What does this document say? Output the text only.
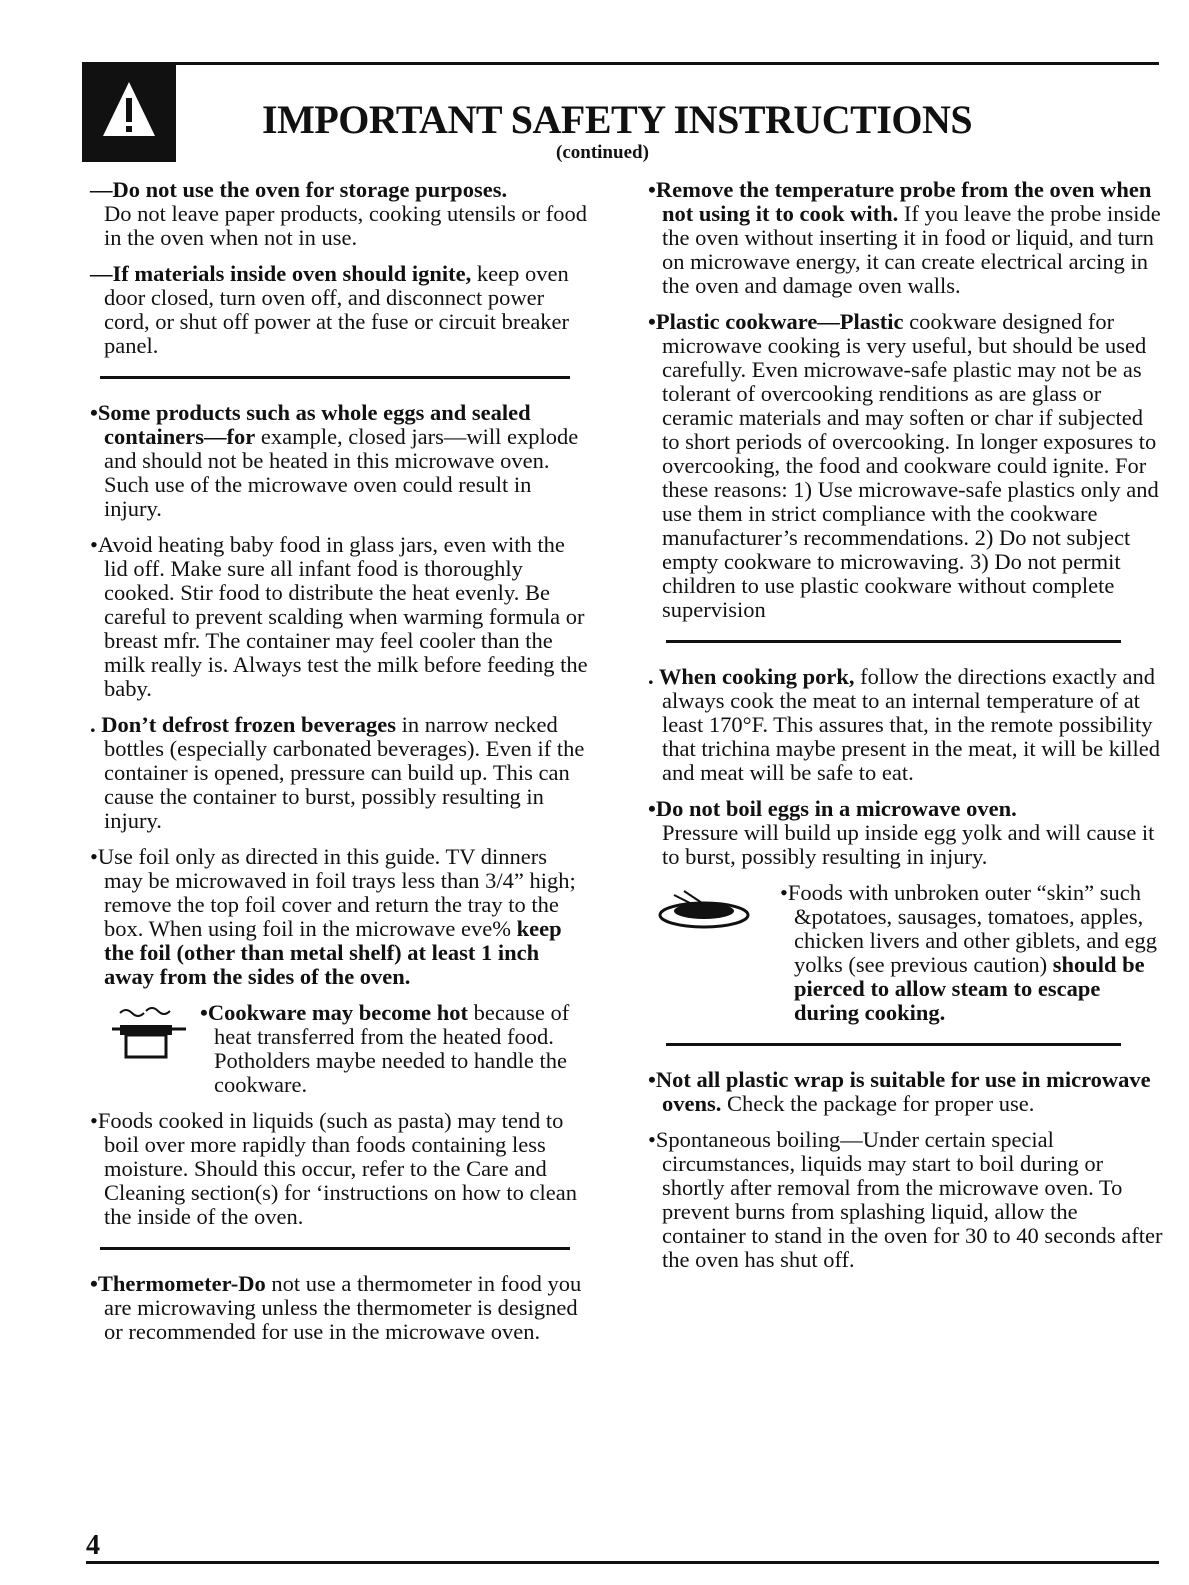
IMPORTANT SAFETY INSTRUCTIONS
(continued)

—Do not use the oven for storage purposes.
Do not leave paper products, cooking utensils or food in the oven when not in use.

—If materials inside oven should ignite, keep oven door closed, turn oven off, and disconnect power cord, or shut off power at the fuse or circuit breaker panel.

•Some products such as whole eggs and sealed containers—for example, closed jars—will explode and should not be heated in this microwave oven. Such use of the microwave oven could result in injury.

•Avoid heating baby food in glass jars, even with the lid off. Make sure all infant food is thoroughly cooked. Stir food to distribute the heat evenly. Be careful to prevent scalding when warming formula or breast mfr. The container may feel cooler than the milk really is. Always test the milk before feeding the baby.

. Don’t defrost frozen beverages in narrow necked bottles (especially carbonated beverages). Even if the container is opened, pressure can build up. This can cause the container to burst, possibly resulting in injury.

•Use foil only as directed in this guide. TV dinners may be microwaved in foil trays less than 3/4” high; remove the top foil cover and return the tray to the box. When using foil in the microwave eve% keep the foil (other than metal shelf) at least 1 inch away from the sides of the oven.

•Cookware may become hot because of heat transferred from the heated food. Potholders maybe needed to handle the cookware.

•Foods cooked in liquids (such as pasta) may tend to boil over more rapidly than foods containing less moisture. Should this occur, refer to the Care and Cleaning section(s) for ‘instructions on how to clean the inside of the oven.

•Thermometer-Do not use a thermometer in food you are microwaving unless the thermometer is designed or recommended for use in the microwave oven.

•Remove the temperature probe from the oven when not using it to cook with. If you leave the probe inside the oven without inserting it in food or liquid, and turn on microwave energy, it can create electrical arcing in the oven and damage oven walls.

•Plastic cookware—Plastic cookware designed for microwave cooking is very useful, but should be used carefully. Even microwave-safe plastic may not be as tolerant of overcooking renditions as are glass or ceramic materials and may soften or char if subjected to short periods of overcooking. In longer exposures to overcooking, the food and cookware could ignite. For these reasons: 1) Use microwave-safe plastics only and use them in strict compliance with the cookware manufacturer’s recommendations. 2) Do not subject empty cookware to microwaving. 3) Do not permit children to use plastic cookware without complete supervision

. When cooking pork, follow the directions exactly and always cook the meat to an internal temperature of at least 170°F. This assures that, in the remote possibility that trichina maybe present in the meat, it will be killed and meat will be safe to eat.

•Do not boil eggs in a microwave oven.
Pressure will build up inside egg yolk and will cause it to burst, possibly resulting in injury.

•Foods with unbroken outer “skin” such &potatoes, sausages, tomatoes, apples, chicken livers and other giblets, and egg yolks (see previous caution) should be pierced to allow steam to escape during cooking.

•Not all plastic wrap is suitable for use in microwave ovens. Check the package for proper use.

•Spontaneous boiling—Under certain special circumstances, liquids may start to boil during or shortly after removal from the microwave oven. To prevent burns from splashing liquid, allow the container to stand in the oven for 30 to 40 seconds after the oven has shut off.

4
